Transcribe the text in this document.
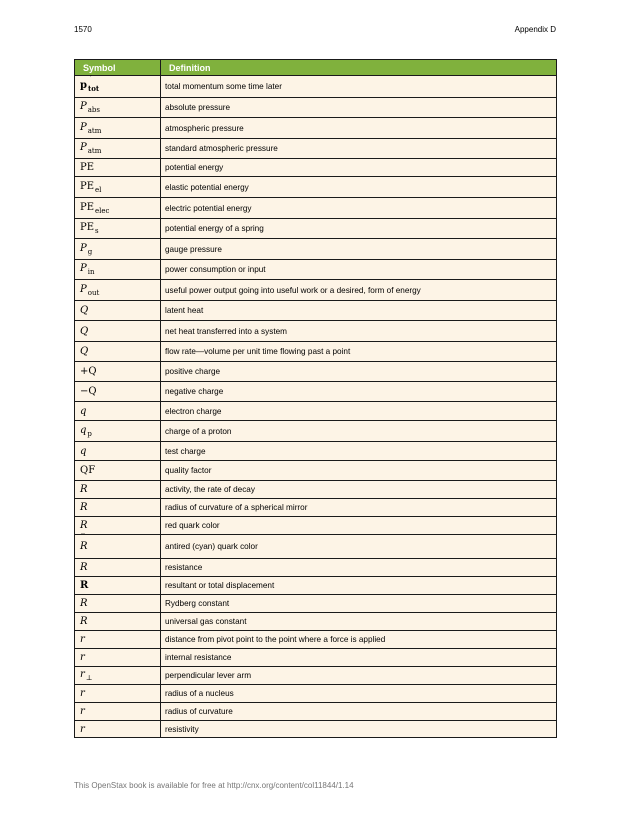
1570	Appendix D
Symbol	Definition
′ $p_{tot}$	total momentum some time later
$P_{abs}$	absolute pressure
$P_{atm}$	atmospheric pressure
$P_{atm}$	standard atmospheric pressure
PE	potential energy
$PE_{el}$	elastic potential energy
$PE_{elec}$	electric potential energy
$PE_s$	potential energy of a spring
$P_g$	gauge pressure
$P_{in}$	power consumption or input
$P_{out}$	useful power output going into useful work or a desired, form of energy
Q	latent heat
Q	net heat transferred into a system
Q	flow rate—volume per unit time flowing past a point
+Q	positive charge
−Q	negative charge
q	electron charge
$q_p$	charge of a proton
q	test charge
QF	quality factor
R	activity, the rate of decay
R	radius of curvature of a spherical mirror
R	red quark color
‾ R	antired (cyan) quark color
R	resistance
R	resultant or total displacement
R	Rydberg constant
R	universal gas constant
r	distance from pivot point to the point where a force is applied
r	internal resistance
$r_\perp$	perpendicular lever arm
r	radius of a nucleus
r	radius of curvature
r	resistivity
This OpenStax book is available for free at http://cnx.org/content/col11844/1.14
